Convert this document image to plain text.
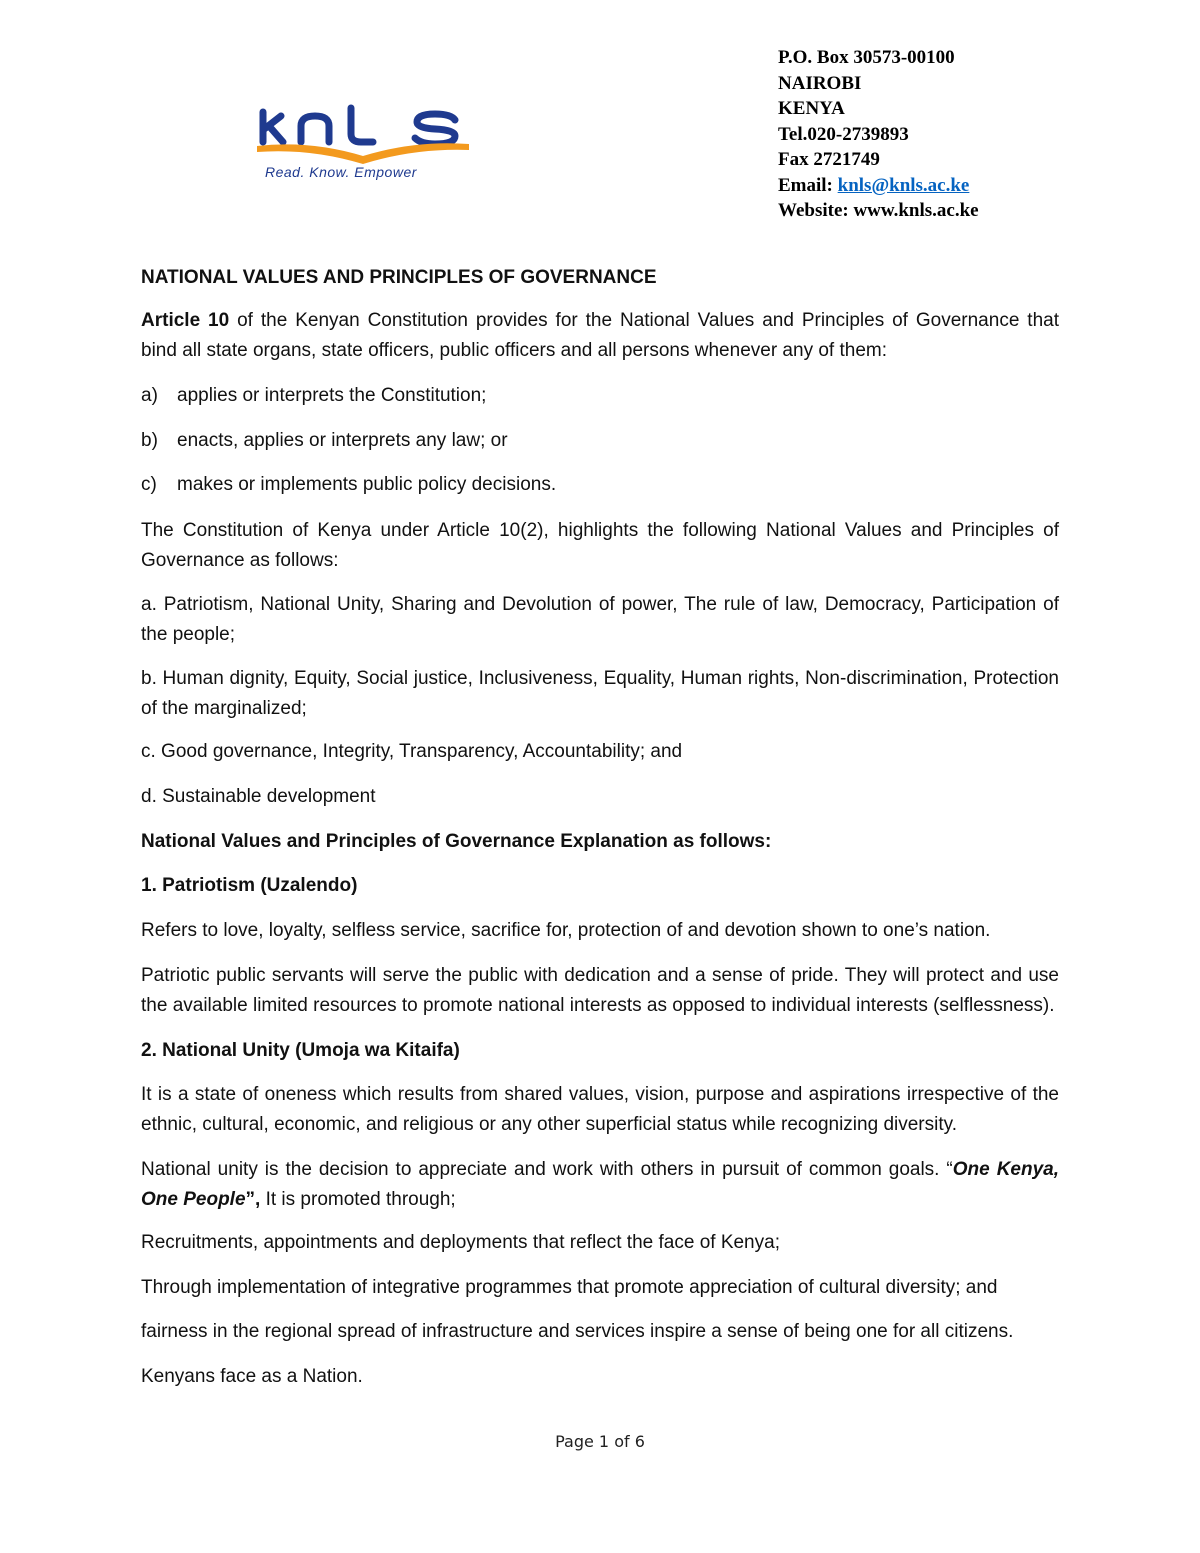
Read. Know. Empower
P.O. Box 30573-00100
NAIROBI
KENYA
Tel.020-2739893
Fax 2721749
Email: knls@knls.ac.ke
Website: www.knls.ac.ke
NATIONAL VALUES AND PRINCIPLES OF GOVERNANCE
Article 10 of the Kenyan Constitution provides for the National Values and Principles of Governance that bind all state organs, state officers, public officers and all persons whenever any of them:
a) applies or interprets the Constitution;
b) enacts, applies or interprets any law; or
c) makes or implements public policy decisions.
The Constitution of Kenya under Article 10(2), highlights the following National Values and Principles of Governance as follows:
a. Patriotism, National Unity, Sharing and Devolution of power, The rule of law, Democracy, Participation of the people;
b. Human dignity, Equity, Social justice, Inclusiveness, Equality, Human rights, Non-discrimination, Protection of the marginalized;
c. Good governance, Integrity, Transparency, Accountability; and
d. Sustainable development
National Values and Principles of Governance Explanation as follows:
1. Patriotism (Uzalendo)
Refers to love, loyalty, selfless service, sacrifice for, protection of and devotion shown to one’s nation.
Patriotic public servants will serve the public with dedication and a sense of pride. They will protect and use the available limited resources to promote national interests as opposed to individual interests (selflessness).
2. National Unity (Umoja wa Kitaifa)
It is a state of oneness which results from shared values, vision, purpose and aspirations irrespective of the ethnic, cultural, economic, and religious or any other superficial status while recognizing diversity.
National unity is the decision to appreciate and work with others in pursuit of common goals. “One Kenya, One People”, It is promoted through;
Recruitments, appointments and deployments that reflect the face of Kenya;
Through implementation of integrative programmes that promote appreciation of cultural diversity; and
fairness in the regional spread of infrastructure and services inspire a sense of being one for all citizens.
Kenyans face as a Nation.
Page 1 of 6
